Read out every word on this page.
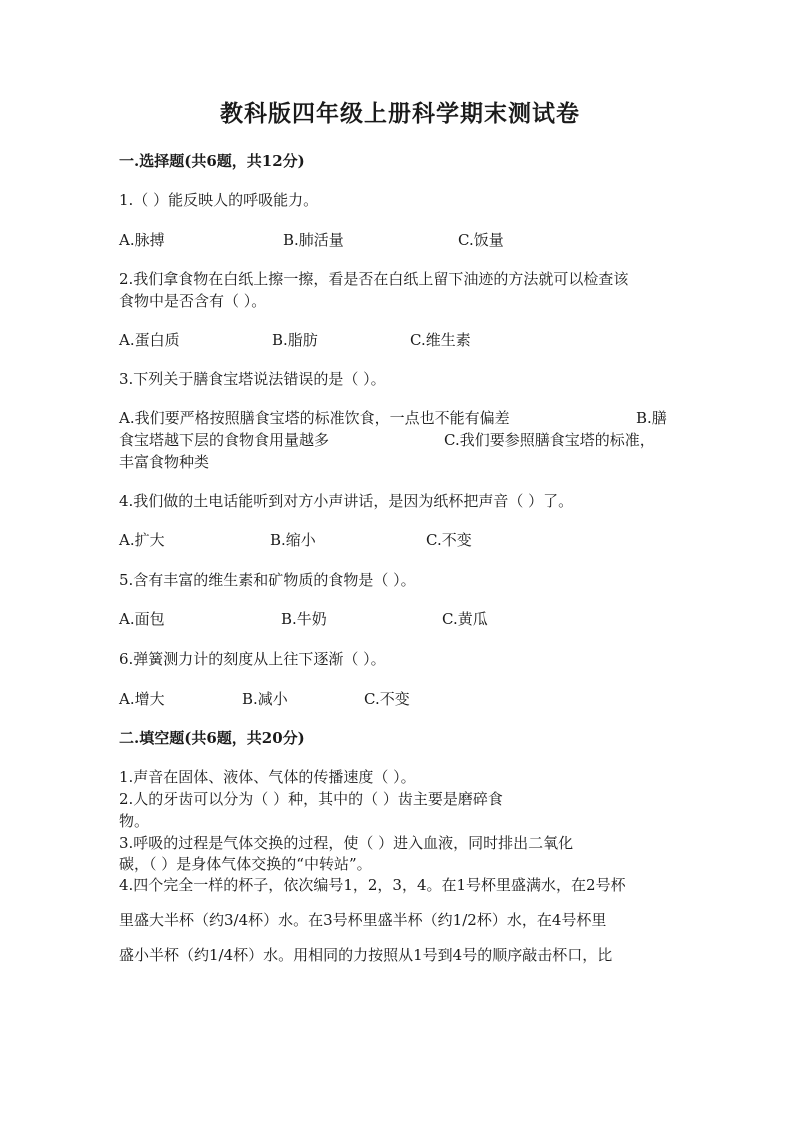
教科版四年级上册科学期末测试卷
一.选择题(共6题，共12分)
1.（ ）能反映人的呼吸能力。
A.脉搏	B.肺活量	C.饭量
2.我们拿食物在白纸上擦一擦，看是否在白纸上留下油迹的方法就可以检查该
食物中是否含有（ ）。
A.蛋白质	B.脂肪	C.维生素
3.下列关于膳食宝塔说法错误的是（ ）。
A.我们要严格按照膳食宝塔的标准饮食，一点也不能有偏差	B.膳
食宝塔越下层的食物食用量越多	C.我们要参照膳食宝塔的标准，
丰富食物种类
4.我们做的土电话能听到对方小声讲话，是因为纸杯把声音（ ）了。
A.扩大	B.缩小	C.不变
5.含有丰富的维生素和矿物质的食物是（ ）。
A.面包	B.牛奶	C.黄瓜
6.弹簧测力计的刻度从上往下逐渐（ ）。
A.增大	B.减小	C.不变
二.填空题(共6题，共20分)
1.声音在固体、液体、气体的传播速度（ ）。
2.人的牙齿可以分为（ ）种，其中的（ ）齿主要是磨碎食
物。
3.呼吸的过程是气体交换的过程，使（ ）进入血液，同时排出二氧化
碳，（ ）是身体气体交换的“中转站”。
4.四个完全一样的杯子，依次编号1，2，3，4。在1号杯里盛满水，在2号杯
里盛大半杯（约3/4杯）水。在3号杯里盛半杯（约1/2杯）水，在4号杯里
盛小半杯（约1/4杯）水。用相同的力按照从1号到4号的顺序敲击杯口，比
